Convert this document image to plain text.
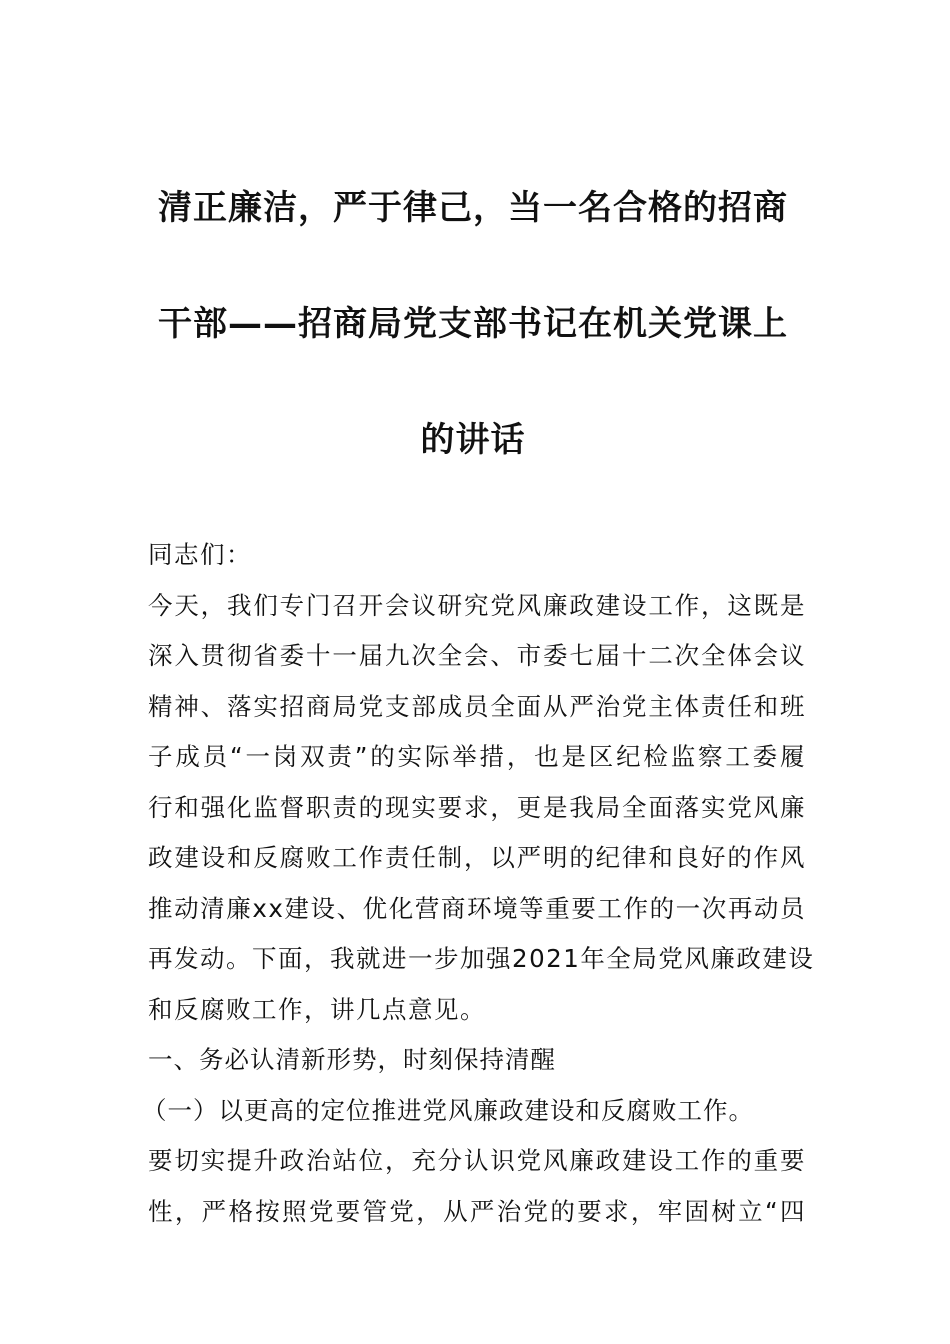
清正廉洁，严于律己，当一名合格的招商
干部——招商局党支部书记在机关党课上
的讲话
同志们：
今天，我们专门召开会议研究党风廉政建设工作，这既是
深入贯彻省委十一届九次全会、市委七届十二次全体会议
精神、落实招商局党支部成员全面从严治党主体责任和班
子成员“一岗双责”的实际举措，也是区纪检监察工委履
行和强化监督职责的现实要求，更是我局全面落实党风廉
政建设和反腐败工作责任制，以严明的纪律和良好的作风
推动清廉xx建设、优化营商环境等重要工作的一次再动员
再发动。下面，我就进一步加强2021年全局党风廉政建设
和反腐败工作，讲几点意见。
一、务必认清新形势，时刻保持清醒
（一）以更高的定位推进党风廉政建设和反腐败工作。
要切实提升政治站位，充分认识党风廉政建设工作的重要
性，严格按照党要管党，从严治党的要求，牢固树立“四
